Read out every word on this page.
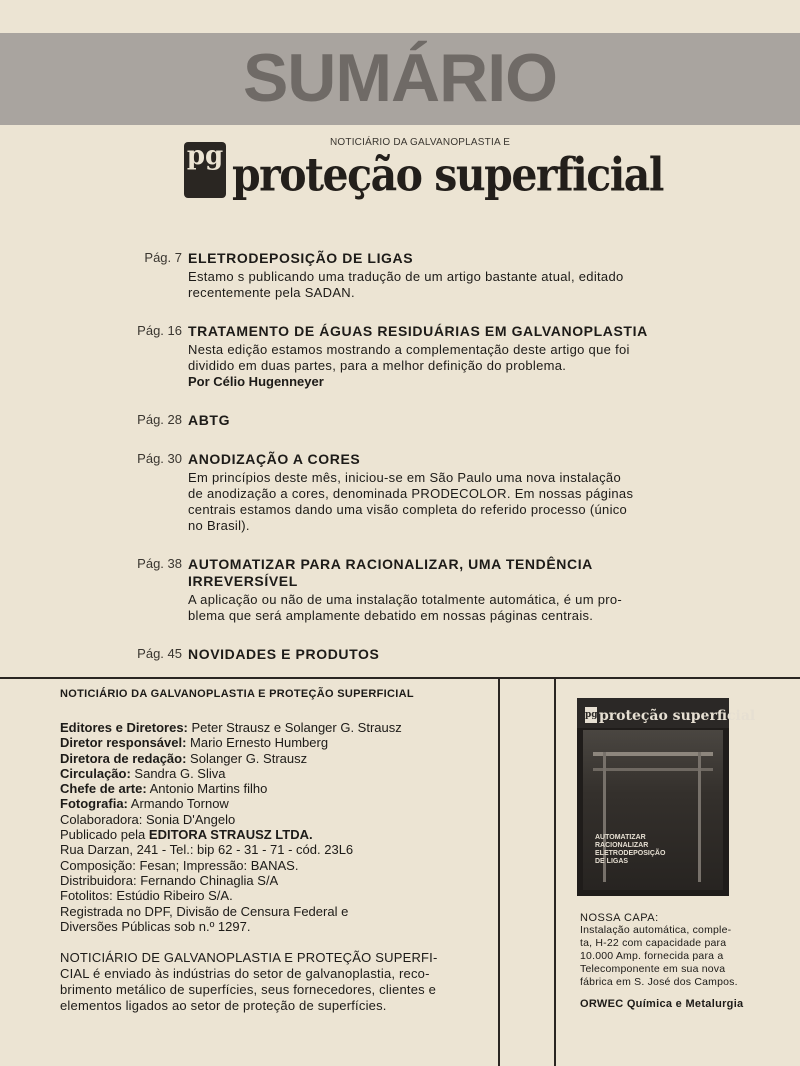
SUMÁRIO
pg	NOTICIÁRIO DA GALVANOPLASTIA E
proteção superficial
Pág. 7 ELETRODEPOSIÇÃO DE LIGAS
Estamo s publicando uma tradução de um artigo bastante atual, editado
recentemente pela SADAN.
Pág. 16 TRATAMENTO DE ÁGUAS RESIDUÁRIAS EM GALVANOPLASTIA
Nesta edição estamos mostrando a complementação deste artigo que foi
dividido em duas partes, para a melhor definição do problema.
Por Célio Hugenneyer
Pág. 28 ABTG
Pág. 30 ANODIZAÇÃO A CORES
Em princípios deste mês, iniciou-se em São Paulo uma nova instalação
de anodização a cores, denominada PRODECOLOR. Em nossas páginas
centrais estamos dando uma visão completa do referido processo (único
no Brasil).
Pág. 38 AUTOMATIZAR PARA RACIONALIZAR, UMA TENDÊNCIA IRREVERSÍVEL
A aplicação ou não de uma instalação totalmente automática, é um pro-
blema que será amplamente debatido em nossas páginas centrais.
Pág. 45 NOVIDADES E PRODUTOS
NOTICIÁRIO DA GALVANOPLASTIA E PROTEÇÃO SUPERFICIAL
Editores e Diretores: Peter Strausz e Solanger G. Strausz
Diretor responsável: Mario Ernesto Humberg
Diretora de redação: Solanger G. Strausz
Circulação: Sandra G. Sliva
Chefe de arte: Antonio Martins filho
Fotografia: Armando Tornow
Colaboradora: Sonia D'Angelo
Publicado pela EDITORA STRAUSZ LTDA.
Rua Darzan, 241 - Tel.: bip 62 - 31 - 71 - cód. 23L6
Composição: Fesan; Impressão: BANAS.
Distribuidora: Fernando Chinaglia S/A
Fotolitos: Estúdio Ribeiro S/A.
Registrada no DPF, Divisão de Censura Federal e
Diversões Públicas sob n.º 1297.
NOTICIÁRIO DE GALVANOPLASTIA E PROTEÇÃO SUPERFI-
CIAL é enviado às indústrias do setor de galvanoplastia, reco-
brimento metálico de superfícies, seus fornecedores, clientes e
elementos ligados ao setor de proteção de superfícies.
pg proteção superficial
AUTOMATIZAR
RACIONALIZAR
ELETRODEPOSIÇÃO
DE LIGAS
NOSSA CAPA:
Instalação automática, comple-
ta, H-22 com capacidade para
10.000 Amp. fornecida para a
Telecomponente em sua nova
fábrica em S. José dos Campos.
ORWEC Química e Metalurgia
